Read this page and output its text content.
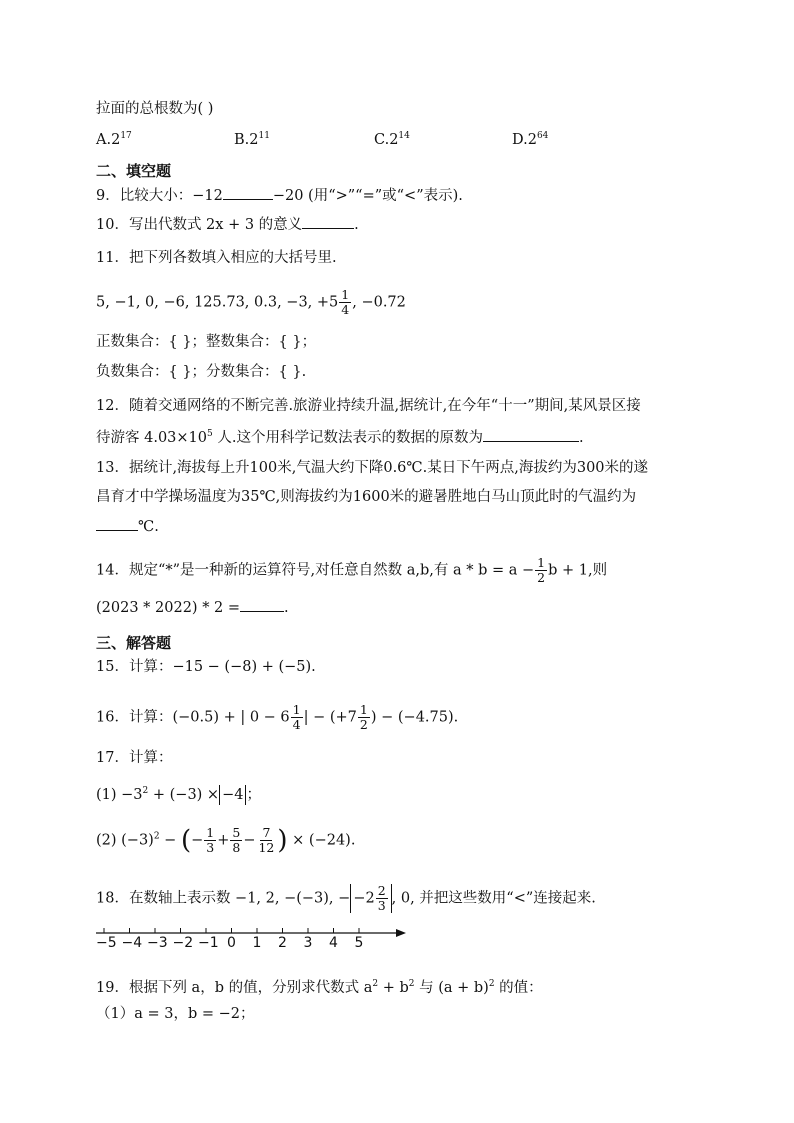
拉面的总根数为( )
$A.2^{17}$	$B.2^{11}$	$C.2^{14}$	$D.2^{64}$
二、填空题
9．比较大小：−12	−20 (用“>”“=”或“<”表示).
10．写出代数式 2x + 3 的意义	.
11．把下列各数填入相应的大括号里.
5, −1, 0, −6, 125.73, 0.3, −3, $+5 \frac{1}{4}$ , −0.72
正数集合：{ }；整数集合：{ }；
负数集合：{ }；分数集合：{ }.
12．随着交通网络的不断完善.旅游业持续升温,据统计,在今年“十一”期间,某风景区接
待游客 $4.03\times 10^5$ 人.这个用科学记数法表示的数据的原数为	.
13．据统计,海拔每上升100米,气温大约下降0.6℃.某日下午两点,海拔约为300米的遂
昌育才中学操场温度为35℃,则海拔约为1600米的避暑胜地白马山顶此时的气温约为
℃.
14．规定“*”是一种新的运算符号,对任意自然数 a,b,有 $a * b = a - \frac{1}{2}$ b + 1,则
(2023 * 2022) * 2 =	.
三、解答题
15．计算：−15 − (−8) + (−5).
16．计算：(−0.5) + | $0 - 6 \frac{1}{4}$ | − ($+7 \frac{1}{2}$ ) − (−4.75).
17．计算：
$(1) -3^2 + (-3) \times -4$ ；
(2) $(-3)^2$ − (− $\frac{1}{3} + \frac{5}{8} - \frac{7}{12}$ ) × (−24).
18．在数轴上表示数 −1, 2, −(−3), − $-2 \frac{2}{3}$ , 0, 并把这些数用“<”连接起来.
−5 −4 −3 −2 −1 0 1 2 3 4 5
19．根据下列 a，b 的值，分别求代数式 $a^2 + b^2$ 与 $(a + b)^2$ 的值：
（1）a = 3，b = −2；
